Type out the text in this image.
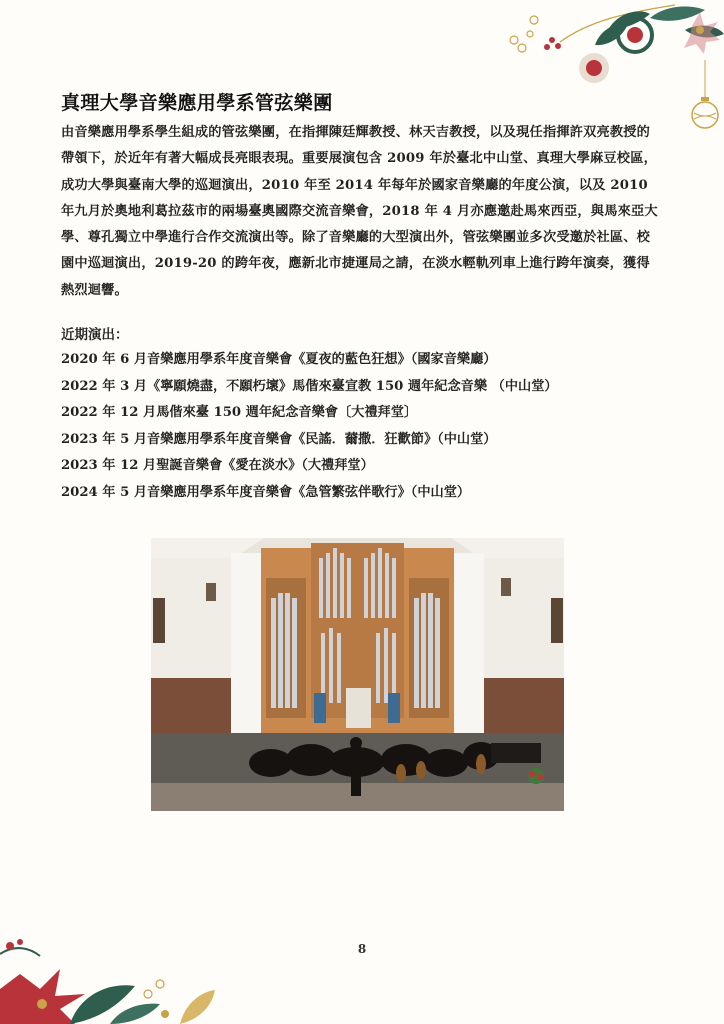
真理大學音樂應用學系管弦樂團

由音樂應用學系學生組成的管弦樂團，在指揮陳廷輝教授、林天吉教授，以及現任指揮許双亮教授的帶領下，於近年有著大幅成長亮眼表現。重要展演包含 2009 年於臺北中山堂、真理大學麻豆校區，成功大學與臺南大學的巡迴演出，2010 年至 2014 年每年於國家音樂廳的年度公演，以及 2010 年九月於奧地利葛拉茲市的兩場臺奧國際交流音樂會，2018 年 4 月亦應邀赴馬來西亞，與馬來亞大學、尊孔獨立中學進行合作交流演出等。除了音樂廳的大型演出外，管弦樂團並多次受邀於社區、校園中巡迴演出，2019-20 的跨年夜，應新北市捷運局之請，在淡水輕軌列車上進行跨年演奏，獲得熱烈迴響。

近期演出：
2020 年 6 月音樂應用學系年度音樂會《夏夜的藍色狂想》（國家音樂廳）
2022 年 3 月《寧願燒盡，不願朽壞》馬偕來臺宣教 150 週年紀念音樂 （中山堂）
2022 年 12 月馬偕來臺 150 週年紀念音樂會〔大禮拜堂〕
2023 年 5 月音樂應用學系年度音樂會《民謠．薾撒．狂歡節》（中山堂）
2023 年 12 月聖誕音樂會《愛在淡水》（大禮拜堂）
2024 年 5 月音樂應用學系年度音樂會《急管繁弦伴歌行》（中山堂）
8
